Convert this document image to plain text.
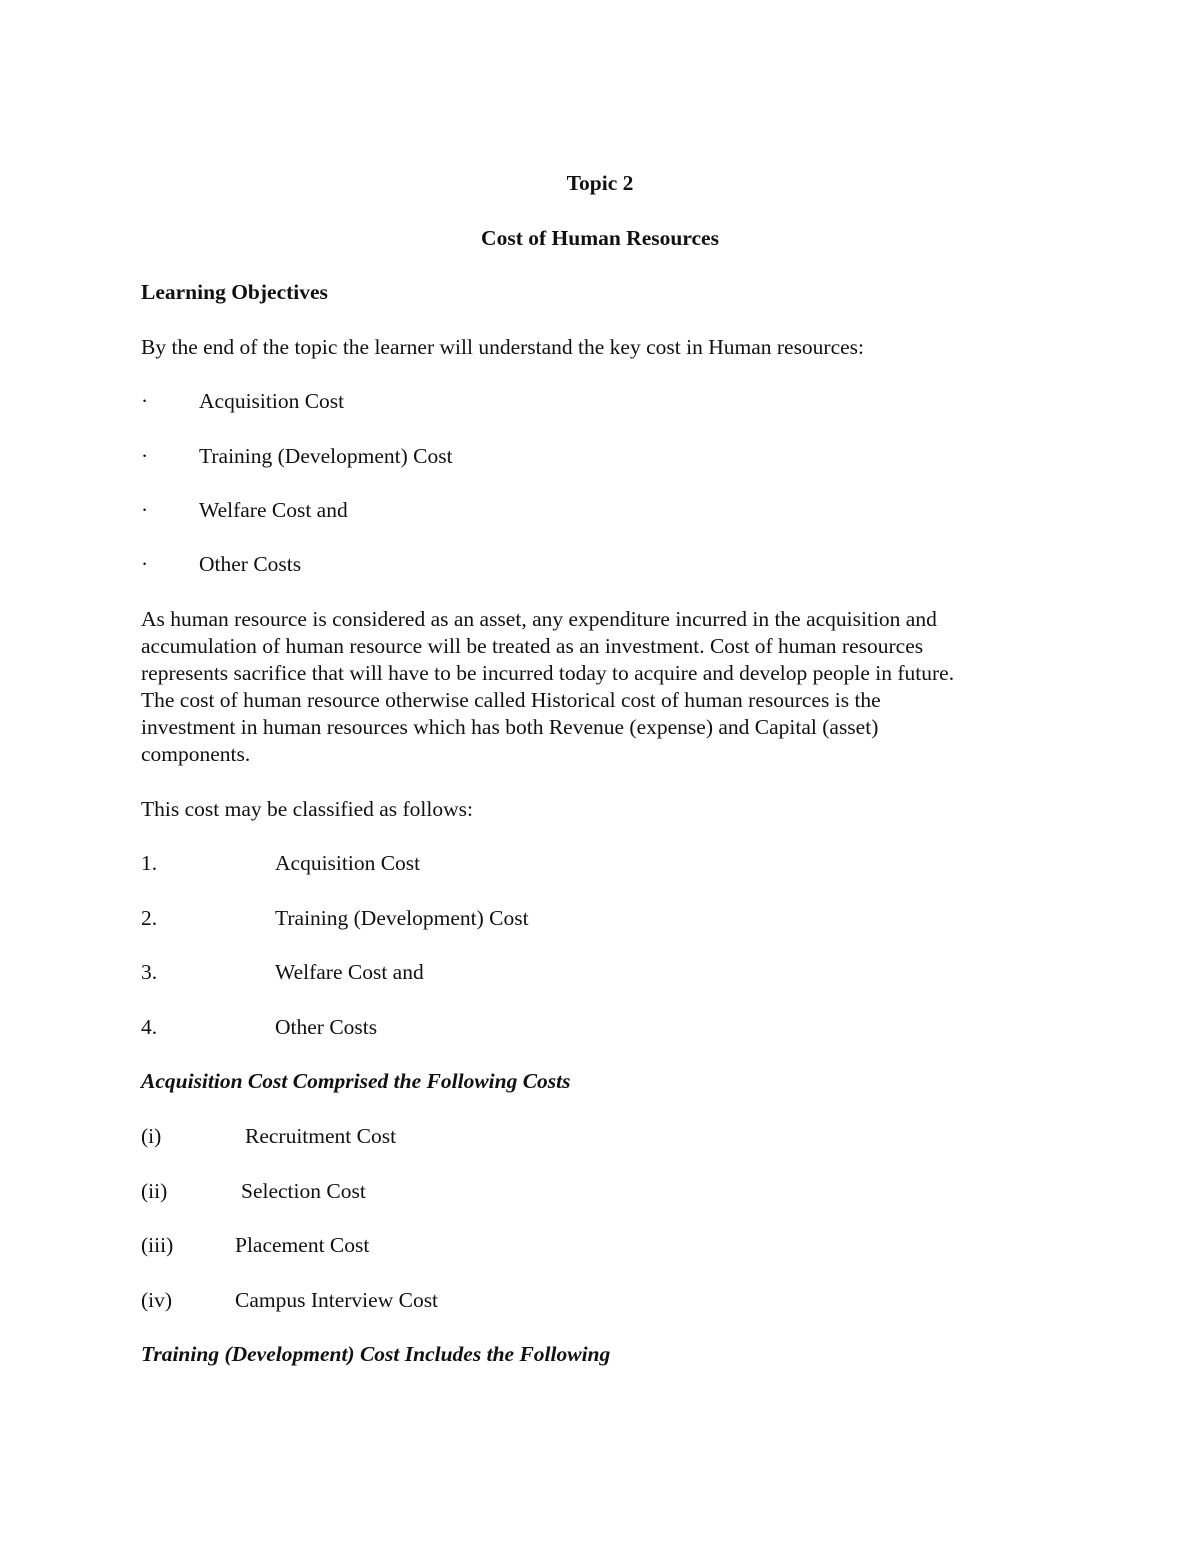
Topic 2
Cost of Human Resources
Learning Objectives
By the end of the topic the learner will understand the key cost in Human resources:
· Acquisition Cost
· Training (Development) Cost
· Welfare Cost and
· Other Costs
As human resource is considered as an asset, any expenditure incurred in the acquisition and
accumulation of human resource will be treated as an investment. Cost of human resources
represents sacrifice that will have to be incurred today to acquire and develop people in future.
The cost of human resource otherwise called Historical cost of human resources is the
investment in human resources which has both Revenue (expense) and Capital (asset)
components.
This cost may be classified as follows:
1.	Acquisition Cost
2.	Training (Development) Cost
3.	Welfare Cost and
4.	Other Costs
Acquisition Cost Comprised the Following Costs
(i)	Recruitment Cost
(ii)	Selection Cost
(iii)	Placement Cost
(iv)	Campus Interview Cost
Training (Development) Cost Includes the Following
